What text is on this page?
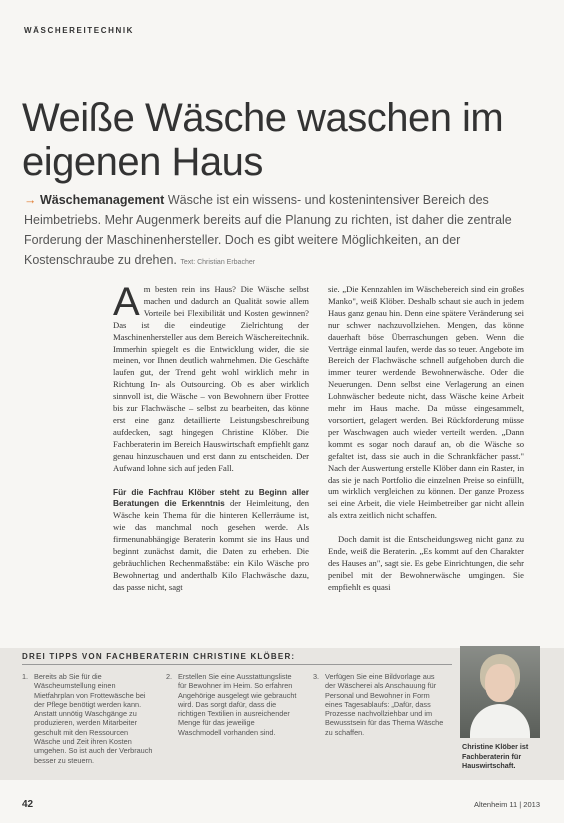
WÄSCHEREITECHNIK
Weiße Wäsche waschen im eigenen Haus
→ Wäschemanagement Wäsche ist ein wissens- und kostenintensiver Bereich des Heimbetriebs. Mehr Augenmerk bereits auf die Planung zu richten, ist daher die zentrale Forderung der Maschinenhersteller. Doch es gibt weitere Möglichkeiten, an der Kostenschraube zu drehen. Text: Christian Erbacher

A m besten rein ins Haus? Die Wäsche selbst machen und dadurch an Qualität sowie allem Vorteile bei Flexibilität und Kosten gewinnen? Das ist die eindeutige Zielrichtung der Maschinenhersteller aus dem Bereich Wäschereitechnik. Immerhin spiegelt es die Entwicklung wider, die sie meinen, vor Ihnen deutlich wahrnehmen. Die Geschäfte laufen gut, der Trend geht wohl wirklich mehr in Richtung In- als Outsourcing. Ob es aber wirklich sinnvoll ist, die Wäsche – von Bewohnern über Frottee bis zur Flachwäsche – selbst zu bearbeiten, das könne erst eine ganz detaillierte Leistungsbeschreibung aufdecken, sagt hingegen Christine Klöber. Die Fachberaterin im Bereich Hauswirtschaft empfiehlt ganz genau hinzuschauen und erst dann zu entscheiden. Der Aufwand lohne sich auf jeden Fall.

Für die Fachfrau Klöber steht zu Beginn aller Beratungen die Erkenntnis der Heimleitung, den Wäsche kein Thema für die hinteren Kellerräume ist, wie das manchmal noch gesehen werde. Als firmenunabhängige Beraterin kommt sie ins Haus und beginnt zunächst damit, die Daten zu erheben. Die gebräuchlichen Rechenmaßstäbe: ein Kilo Wäsche pro Bewohnertag und anderthalb Kilo Flachwäsche dazu, das passe nicht, sagt

sie. „Die Kennzahlen im Wäschebereich sind ein großes Manko", weiß Klöber. Deshalb schaut sie auch in jedem Haus ganz genau hin. Denn eine spätere Veränderung sei nur schwer nachzuvollziehen. Mengen, das könne dauerhaft böse Überraschungen geben. Wenn die Verträge einmal laufen, werde das so teuer. Angebote im Bereich der Flachwäsche schnell aufgehoben durch die immer teurer werdende Bewohnerwäsche. Oder die Neuerungen. Denn selbst eine Verlagerung an einen Lohnwäscher bedeute nicht, dass Wäsche keine Arbeit mehr im Haus mache. Da müsse eingesammelt, vorsortiert, gelagert werden. Bei Rückforderung müsse per Waschwagen auch wieder verteilt werden. „Dann kommt es sogar noch darauf an, ob die Wäsche so gefaltet ist, dass sie auch in die Schrankfächer passt." Nach der Auswertung erstelle Klöber dann ein Raster, in das sie je nach Portfolio die einzelnen Preise so einfüllt, um wirklich vergleichen zu können. Der ganze Prozess sei eine Arbeit, die viele Heimbetreiber gar nicht allein als extra zeitlich nicht schaffen.

Doch damit ist die Entscheidungsweg nicht ganz zu Ende, weiß die Beraterin. „Es kommt auf den Charakter des Hauses an", sagt sie. Es gebe Einrichtungen, die sehr penibel mit der Bewohnerwäsche umgingen. Sie empfiehlt es quasi

DREI TIPPS VON FACHBERATERIN CHRISTINE KLÖBER:
1. Bereits ab Sie für die Wäscheumstellung einen Mietfahrplan von Frottewäsche bei der Pflege benötigt werden kann. Anstatt unnötig Waschgänge zu produzieren, werden Mitarbeiter geschult mit den Ressourcen Wäsche und Zeit ihren Kosten umgehen. So ist auch der Verbrauch besser zu steuern.
2. Erstellen Sie eine Ausstattungsliste für Bewohner im Heim. So erfahren Angehörige ausgelegt wie gebraucht wird. Das sorgt dafür, dass die richtigen Textilien in ausreichender Menge für das jeweilige Waschmodell vorhanden sind.
3. Verfügen Sie eine Bildvorlage aus der Wäscherei als Anschauung für Personal und Bewohner in Form eines Tagesablaufs: „Dafür, dass Prozesse nachvollziehbar und im Bewusstsein für das Thema Wäsche zu schaffen.
Christine Klöber ist Fachberaterin für Hauswirtschaft.
42	Altenheim 11 | 2013
